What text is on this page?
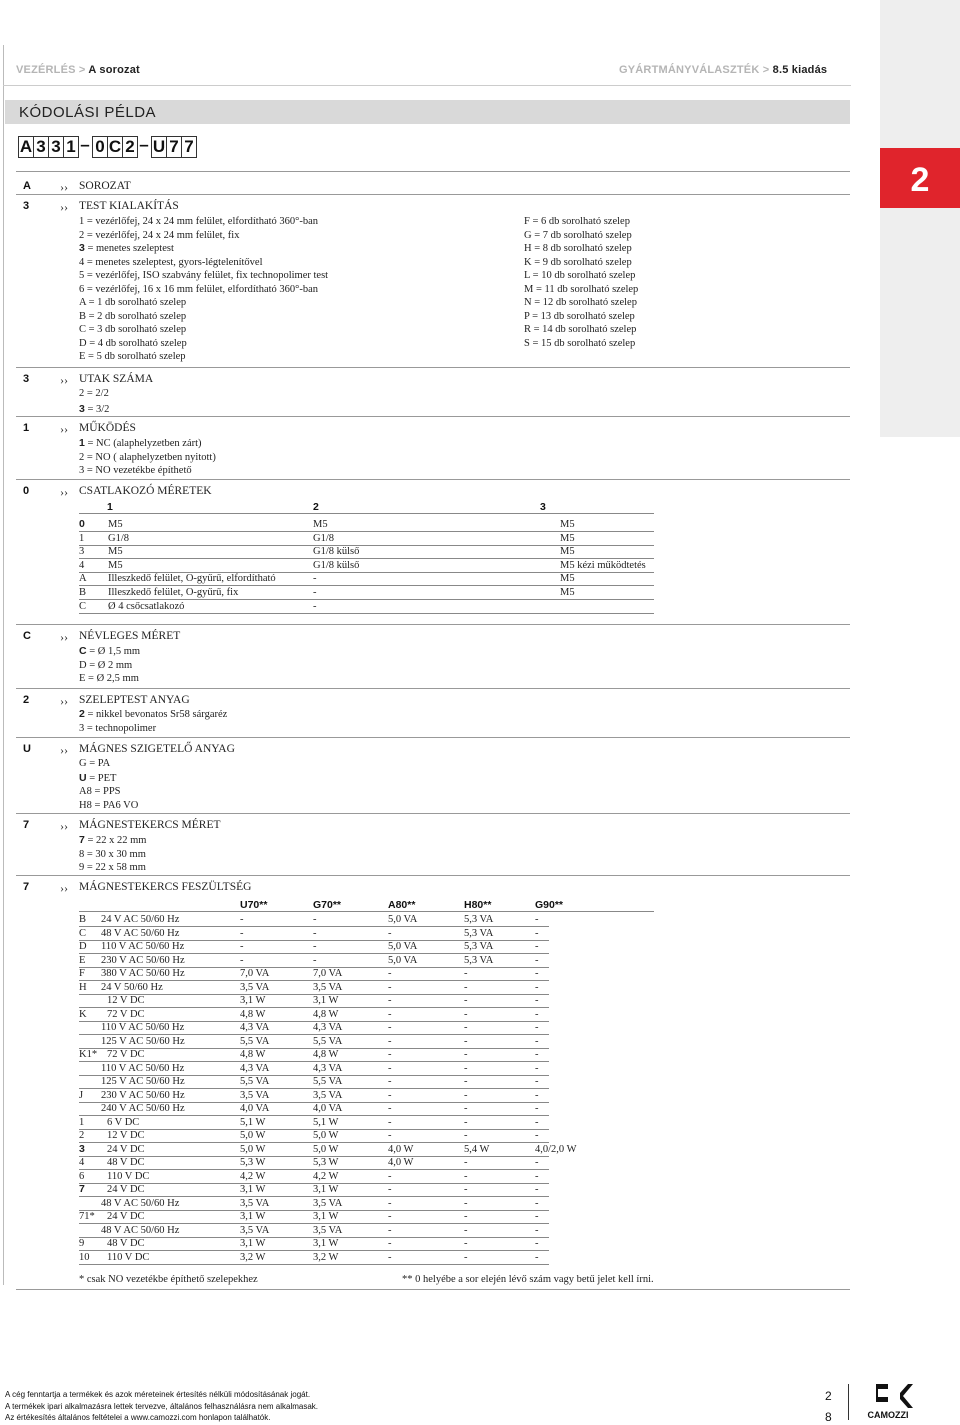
VEZÉRLÉS > A sorozat	GYÁRTMÁNYVÁLASZTÉK > 8.5 kiadás
2
KÓDOLÁSI PÉLDA
A 3 3 1 – 0 C 2 – U 7 7
A ›› SOROZAT
3	›› TEST KIALAKÍTÁS
1 = vezérlőfej, 24 x 24 mm felület, elfordítható 360°-ban
2 = vezérlőfej, 24 x 24 mm felület, fix
3 = menetes szeleptest
4 = menetes szeleptest, gyors-légtelenítővel
5 = vezérlőfej, ISO szabvány felület, fix technopolimer test
6 = vezérlőfej, 16 x 16 mm felület, elfordítható 360°-ban
A = 1 db sorolható szelep
B = 2 db sorolható szelep
C = 3 db sorolható szelep
D = 4 db sorolható szelep
E = 5 db sorolható szelep
F = 6 db sorolható szelep
G = 7 db sorolható szelep
H = 8 db sorolható szelep
K = 9 db sorolható szelep
L = 10 db sorolható szelep
M = 11 db sorolható szelep
N = 12 db sorolható szelep
P = 13 db sorolható szelep
R = 14 db sorolható szelep
S = 15 db sorolható szelep
3	›› UTAK SZÁMA
2 = 2/2
3 = 3/2
1	›› MŰKÖDÉS
1 = NC (alaphelyzetben zárt)
2 = NO ( alaphelyzetben nyitott)
3 = NO vezetékbe építhető
0	›› CSATLAKOZÓ MÉRETEK
1	2	3
0 M5	M5	M5
1 G1/8	G1/8	M5
3 M5	G1/8 külső	M5
4 M5	G1/8 külső	M5 kézi működtetés
A Illeszkedő felület, O-gyűrű, elfordítható	-	M5
B Illeszkedő felület, O-gyűrű, fix	-	M5
C Ø 4 csőcsatlakozó	-
C ›› NÉVLEGES MÉRET
C = Ø 1,5 mm
D = Ø 2 mm
E = Ø 2,5 mm
2	›› SZELEPTEST ANYAG
2 = nikkel bevonatos Sr58 sárgaréz
3 = technopolimer
U ›› MÁGNES SZIGETELŐ ANYAG
G = PA
U = PET
A8 = PPS
H8 = PA6 VO
7	›› MÁGNESTEKERCS MÉRET
7 = 22 x 22 mm
8 = 30 x 30 mm
9 = 22 x 58 mm
7	›› MÁGNESTEKERCS FESZÜLTSÉG
U70**	G70**	A80**	H80**	G90**
B 24 V AC 50/60 Hz	-	-	5,0 VA	5,3 VA	-
C 48 V AC 50/60 Hz	-	-	-	5,3 VA	-
D 110 V AC 50/60 Hz	-	-	5,0 VA	5,3 VA	-
E 230 V AC 50/60 Hz	-	-	5,0 VA	5,3 VA	-
F 380 V AC 50/60 Hz	7,0 VA	7,0 VA	-	-	-
H 24 V 50/60 Hz	3,5 VA	3,5 VA	-	-	-
12 V DC	3,1 W	3,1 W	-	-	-
K 72 V DC	4,8 W	4,8 W	-	-	-
110 V AC 50/60 Hz	4,3 VA	4,3 VA	-	-	-
125 V AC 50/60 Hz	5,5 VA	5,5 VA	-	-	-
K1* 72 V DC	4,8 W	4,8 W	-	-	-
110 V AC 50/60 Hz	4,3 VA	4,3 VA	-	-	-
125 V AC 50/60 Hz	5,5 VA	5,5 VA	-	-	-
J 230 V AC 50/60 Hz	3,5 VA	3,5 VA	-	-	-
240 V AC 50/60 Hz	4,0 VA	4,0 VA	-	-	-
1 6 V DC	5,1 W	5,1 W	-	-	-
2 12 V DC	5,0 W	5,0 W	-	-	-
3 24 V DC	5,0 W	5,0 W	4,0 W	5,4 W	4,0/2,0 W
4 48 V DC	5,3 W	5,3 W	4,0 W	-	-
6 110 V DC	4,2 W	4,2 W	-	-	-
7 24 V DC	3,1 W	3,1 W	-	-	-
48 V AC 50/60 Hz	3,5 VA	3,5 VA	-	-	-
71* 24 V DC	3,1 W	3,1 W	-	-	-
48 V AC 50/60 Hz	3,5 VA	3,5 VA	-	-	-
9 48 V DC	3,1 W	3,1 W	-	-	-
10 110 V DC	3,2 W	3,2 W	-	-	-
* csak NO vezetékbe építhető szelepekhez	** 0 helyébe a sor elején lévő szám vagy betű jelet kell írni.
A cég fenntartja a termékek és azok méreteinek értesítés nélküli módosításának jogát.
A termékek ipari alkalmazásra lettek tervezve, általános felhasználásra nem alkalmasak.
Az értékesítés általános feltételei a www.camozzi.com honlapon találhatók.
2
8	CAMOZZI
